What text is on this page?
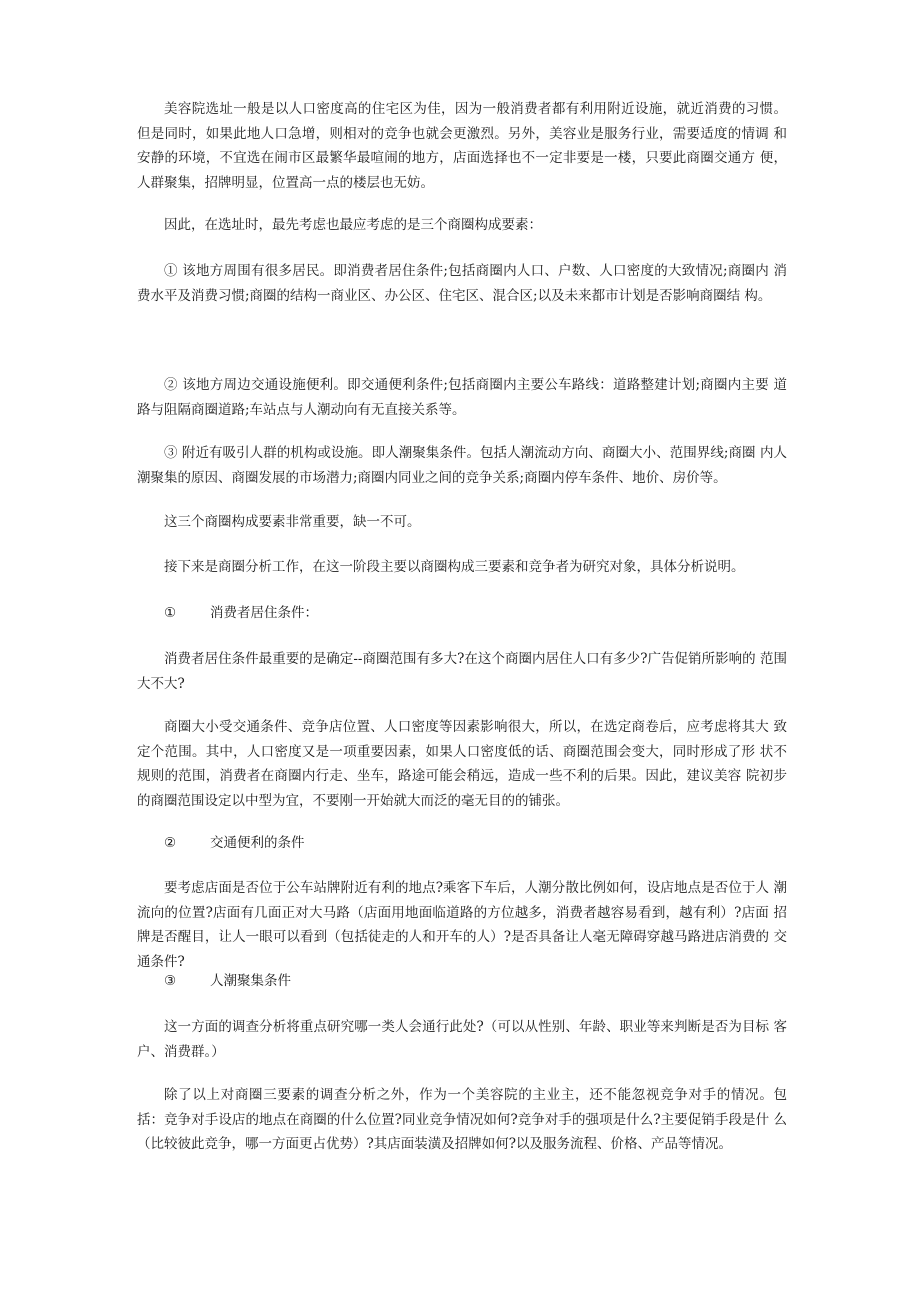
美容院选址一般是以人口密度高的住宅区为佳，因为一般消费者都有利用附近设施，就近消费的习惯。 但是同时，如果此地人口急增，则相对的竞争也就会更激烈。另外，美容业是服务行业，需要适度的情调 和安静的环境，不宜选在闹市区最繁华最喧闹的地方，店面选择也不一定非要是一楼，只要此商圈交通方 便，人群聚集，招牌明显，位置高一点的楼层也无妨。

因此，在选址时，最先考虑也最应考虑的是三个商圈构成要素：

① 该地方周围有很多居民。即消费者居住条件;包括商圈内人口、户数、人口密度的大致情况;商圈内 消费水平及消费习惯;商圈的结构一商业区、办公区、住宅区、混合区;以及未来都市计划是否影响商圈结 构。

② 该地方周边交通设施便利。即交通便利条件;包括商圈内主要公车路线：道路整建计划;商圈内主要 道路与阻隔商圈道路;车站点与人潮动向有无直接关系等。

③ 附近有吸引人群的机构或设施。即人潮聚集条件。包括人潮流动方向、商圈大小、范围界线;商圈 内人潮聚集的原因、商圈发展的市场潜力;商圈内同业之间的竞争关系;商圈内停车条件、地价、房价等。

这三个商圈构成要素非常重要，缺一不可。

接下来是商圈分析工作，在这一阶段主要以商圈构成三要素和竞争者为研究对象，具体分析说明。

①	消费者居住条件：

消费者居住条件最重要的是确定--商圈范围有多大?在这个商圈内居住人口有多少?广告促销所影响的 范围大不大?

商圈大小受交通条件、竞争店位置、人口密度等因素影响很大，所以，在选定商卷后，应考虑将其大 致定个范围。其中，人口密度又是一项重要因素，如果人口密度低的话、商圈范围会变大，同时形成了形 状不规则的范围，消费者在商圈内行走、坐车，路途可能会稍远，造成一些不利的后果。因此，建议美容 院初步的商圈范围设定以中型为宜，不要刚一开始就大而泛的毫无目的的铺张。

②	交通便利的条件

要考虑店面是否位于公车站牌附近有利的地点?乘客下车后，人潮分散比例如何，设店地点是否位于人 潮流向的位置?店面有几面正对大马路（店面用地面临道路的方位越多，消费者越容易看到，越有利）?店面 招牌是否醒目，让人一眼可以看到（包括徒走的人和开车的人）?是否具备让人毫无障碍穿越马路进店消费的 交通条件?

③	人潮聚集条件

这一方面的调查分析将重点研究哪一类人会通行此处?（可以从性别、年龄、职业等来判断是否为目标 客户、消费群。）

除了以上对商圈三要素的调查分析之外，作为一个美容院的主业主，还不能忽视竞争对手的情况。包 括：竞争对手设店的地点在商圈的什么位置?同业竞争情况如何?竞争对手的强项是什么?主要促销手段是什 么（比较彼此竞争，哪一方面更占优势）?其店面装潢及招牌如何?以及服务流程、价格、产品等情况。
